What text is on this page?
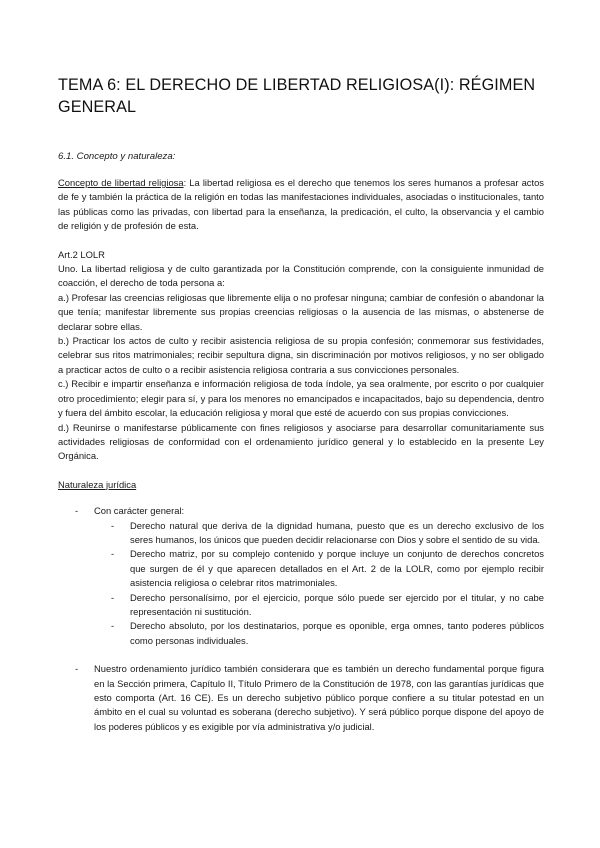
TEMA 6: EL DERECHO DE LIBERTAD RELIGIOSA(I): RÉGIMEN GENERAL
6.1. Concepto y naturaleza:

Concepto de libertad religiosa: La libertad religiosa es el derecho que tenemos los seres humanos a profesar actos de fe y también la práctica de la religión en todas las manifestaciones individuales, asociadas o institucionales, tanto las públicas como las privadas, con libertad para la enseñanza, la predicación, el culto, la observancia y el cambio de religión y de profesión de esta.

Art.2 LOLR

Uno. La libertad religiosa y de culto garantizada por la Constitución comprende, con la consiguiente inmunidad de coacción, el derecho de toda persona a:

a.) Profesar las creencias religiosas que libremente elija o no profesar ninguna; cambiar de confesión o abandonar la que tenía; manifestar libremente sus propias creencias religiosas o la ausencia de las mismas, o abstenerse de declarar sobre ellas.

b.) Practicar los actos de culto y recibir asistencia religiosa de su propia confesión; conmemorar sus festividades, celebrar sus ritos matrimoniales; recibir sepultura digna, sin discriminación por motivos religiosos, y no ser obligado a practicar actos de culto o a recibir asistencia religiosa contraria a sus convicciones personales.

c.) Recibir e impartir enseñanza e información religiosa de toda índole, ya sea oralmente, por escrito o por cualquier otro procedimiento; elegir para sí, y para los menores no emancipados e incapacitados, bajo su dependencia, dentro y fuera del ámbito escolar, la educación religiosa y moral que esté de acuerdo con sus propias convicciones.

d.) Reunirse o manifestarse públicamente con fines religiosos y asociarse para desarrollar comunitariamente sus actividades religiosas de conformidad con el ordenamiento jurídico general y lo establecido en la presente Ley Orgánica.

Naturaleza jurídica

- Con carácter general:
- Derecho natural que deriva de la dignidad humana, puesto que es un derecho exclusivo de los seres humanos, los únicos que pueden decidir relacionarse con Dios y sobre el sentido de su vida.
- Derecho matriz, por su complejo contenido y porque incluye un conjunto de derechos concretos que surgen de él y que aparecen detallados en el Art. 2 de la LOLR, como por ejemplo recibir asistencia religiosa o celebrar ritos matrimoniales.
- Derecho personalísimo, por el ejercicio, porque sólo puede ser ejercido por el titular, y no cabe representación ni sustitución.
- Derecho absoluto, por los destinatarios, porque es oponible, erga omnes, tanto poderes públicos como personas individuales.
- Nuestro ordenamiento jurídico también considerara que es también un derecho fundamental porque figura en la Sección primera, Capítulo II, Título Primero de la Constitución de 1978, con las garantías jurídicas que esto comporta (Art. 16 CE). Es un derecho subjetivo público porque confiere a su titular potestad en un ámbito en el cual su voluntad es soberana (derecho subjetivo). Y será público porque dispone del apoyo de los poderes públicos y es exigible por vía administrativa y/o judicial.
